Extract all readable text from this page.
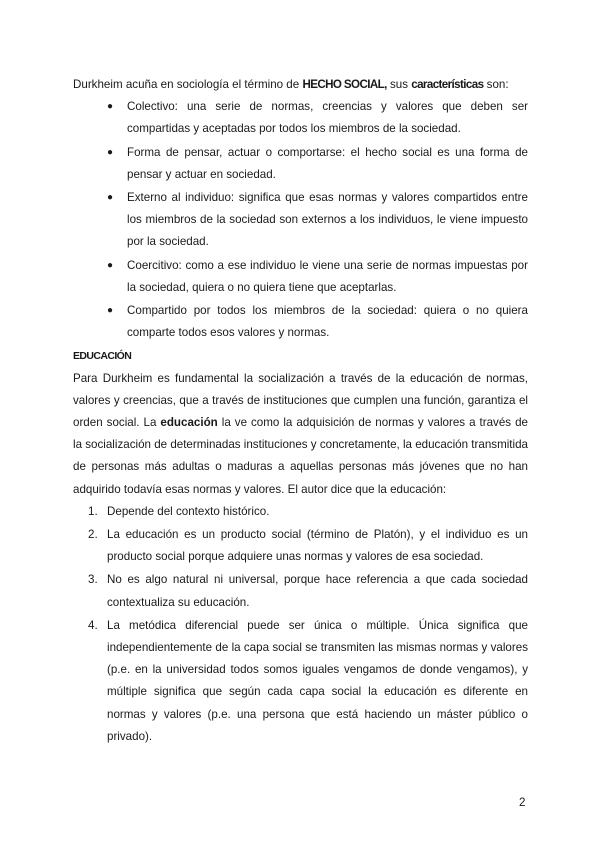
Durkheim acuña en sociología el término de HECHO SOCIAL, sus características son:

● Colectivo: una serie de normas, creencias y valores que deben ser compartidas y aceptadas por todos los miembros de la sociedad.
● Forma de pensar, actuar o comportarse: el hecho social es una forma de pensar y actuar en sociedad.
● Externo al individuo: significa que esas normas y valores compartidos entre los miembros de la sociedad son externos a los individuos, le viene impuesto por la sociedad.
● Coercitivo: como a ese individuo le viene una serie de normas impuestas por la sociedad, quiera o no quiera tiene que aceptarlas.
● Compartido por todos los miembros de la sociedad: quiera o no quiera comparte todos esos valores y normas.

EDUCACIÓN

Para Durkheim es fundamental la socialización a través de la educación de normas, valores y creencias, que a través de instituciones que cumplen una función, garantiza el orden social. La educación la ve como la adquisición de normas y valores a través de la socialización de determinadas instituciones y concretamente, la educación transmitida de personas más adultas o maduras a aquellas personas más jóvenes que no han adquirido todavía esas normas y valores. El autor dice que la educación:

1. Depende del contexto histórico.
2. La educación es un producto social (término de Platón), y el individuo es un producto social porque adquiere unas normas y valores de esa sociedad.
3. No es algo natural ni universal, porque hace referencia a que cada sociedad contextualiza su educación.
4. La metódica diferencial puede ser única o múltiple. Única significa que independientemente de la capa social se transmiten las mismas normas y valores (p.e. en la universidad todos somos iguales vengamos de donde vengamos), y múltiple significa que según cada capa social la educación es diferente en normas y valores (p.e. una persona que está haciendo un máster público o privado).
2
